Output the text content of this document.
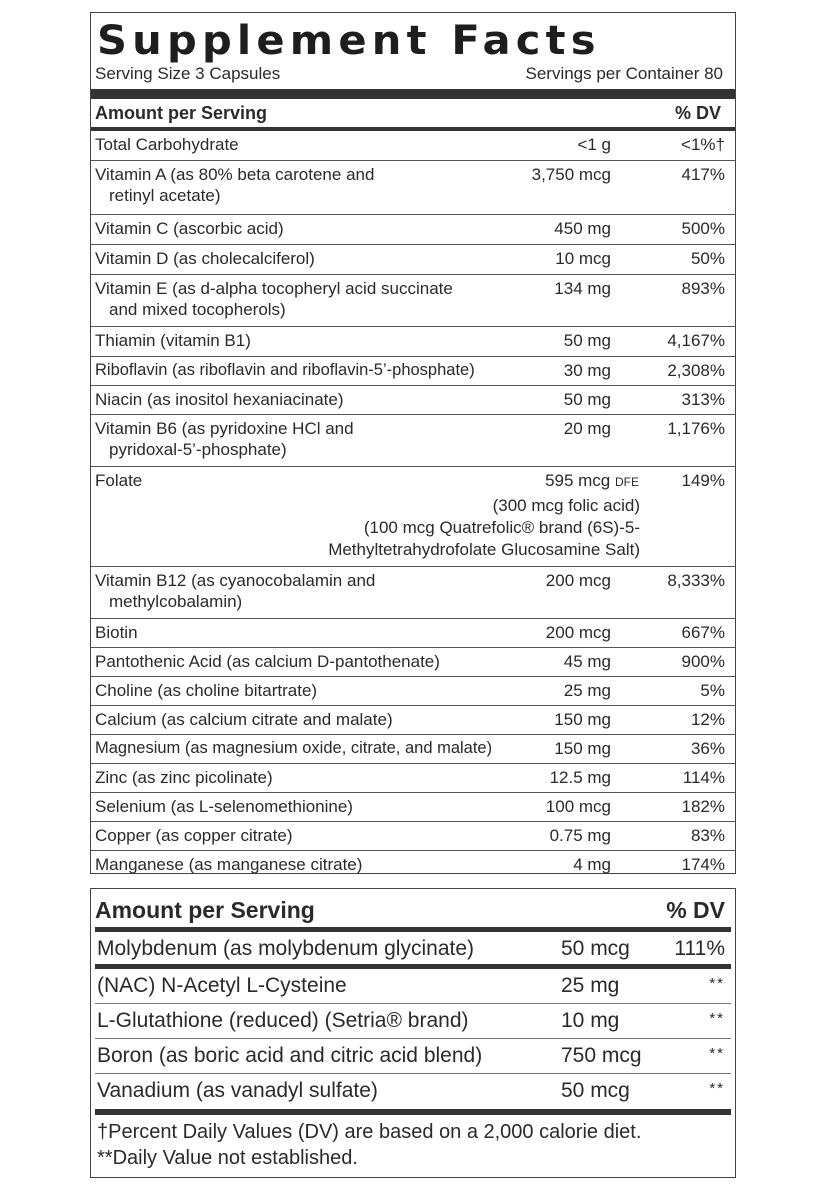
Supplement Facts
Serving Size 3 Capsules	Servings per Container 80
Amount per Serving	% DV
Total Carbohydrate	<1 g	<1%†
Vitamin A (as 80% beta carotene and
retinyl acetate)
3,750 mcg	417%
Vitamin C (ascorbic acid)	450 mg	500%
Vitamin D (as cholecalciferol)	10 mcg	50%
Vitamin E (as d-alpha tocopheryl acid succinate
and mixed tocopherols)
134 mg	893%
Thiamin (vitamin B1)	50 mg	4,167%
Riboflavin (as riboflavin and riboflavin-5’-phosphate)	30 mg	2,308%
Niacin (as inositol hexaniacinate)	50 mg	313%
Vitamin B6 (as pyridoxine HCl and
pyridoxal-5’-phosphate)
20 mg	1,176%
Folate	595 mcg DFE	149%
(300 mcg folic acid)
(100 mcg Quatrefolic® brand (6S)-5-
Methyltetrahydrofolate Glucosamine Salt)
Vitamin B12 (as cyanocobalamin and
methylcobalamin)
200 mcg	8,333%
Biotin	200 mcg	667%
Pantothenic Acid (as calcium D-pantothenate)	45 mg	900%
Choline (as choline bitartrate)	25 mg	5%
Calcium (as calcium citrate and malate)	150 mg	12%
Magnesium (as magnesium oxide, citrate, and malate)	150 mg	36%
Zinc (as zinc picolinate)	12.5 mg	114%
Selenium (as L-selenomethionine)	100 mcg	182%
Copper (as copper citrate)	0.75 mg	83%
Manganese (as manganese citrate)	4 mg	174%
Amount per Serving	% DV
Molybdenum (as molybdenum glycinate)	50 mcg 111%
(NAC) N-Acetyl L-Cysteine	25 mg	**
L-Glutathione (reduced) (Setria® brand)	10 mg	**
Boron (as boric acid and citric acid blend)	750 mcg	**
Vanadium (as vanadyl sulfate)	50 mcg	**
†Percent Daily Values (DV) are based on a 2,000 calorie diet.
**Daily Value not established.
